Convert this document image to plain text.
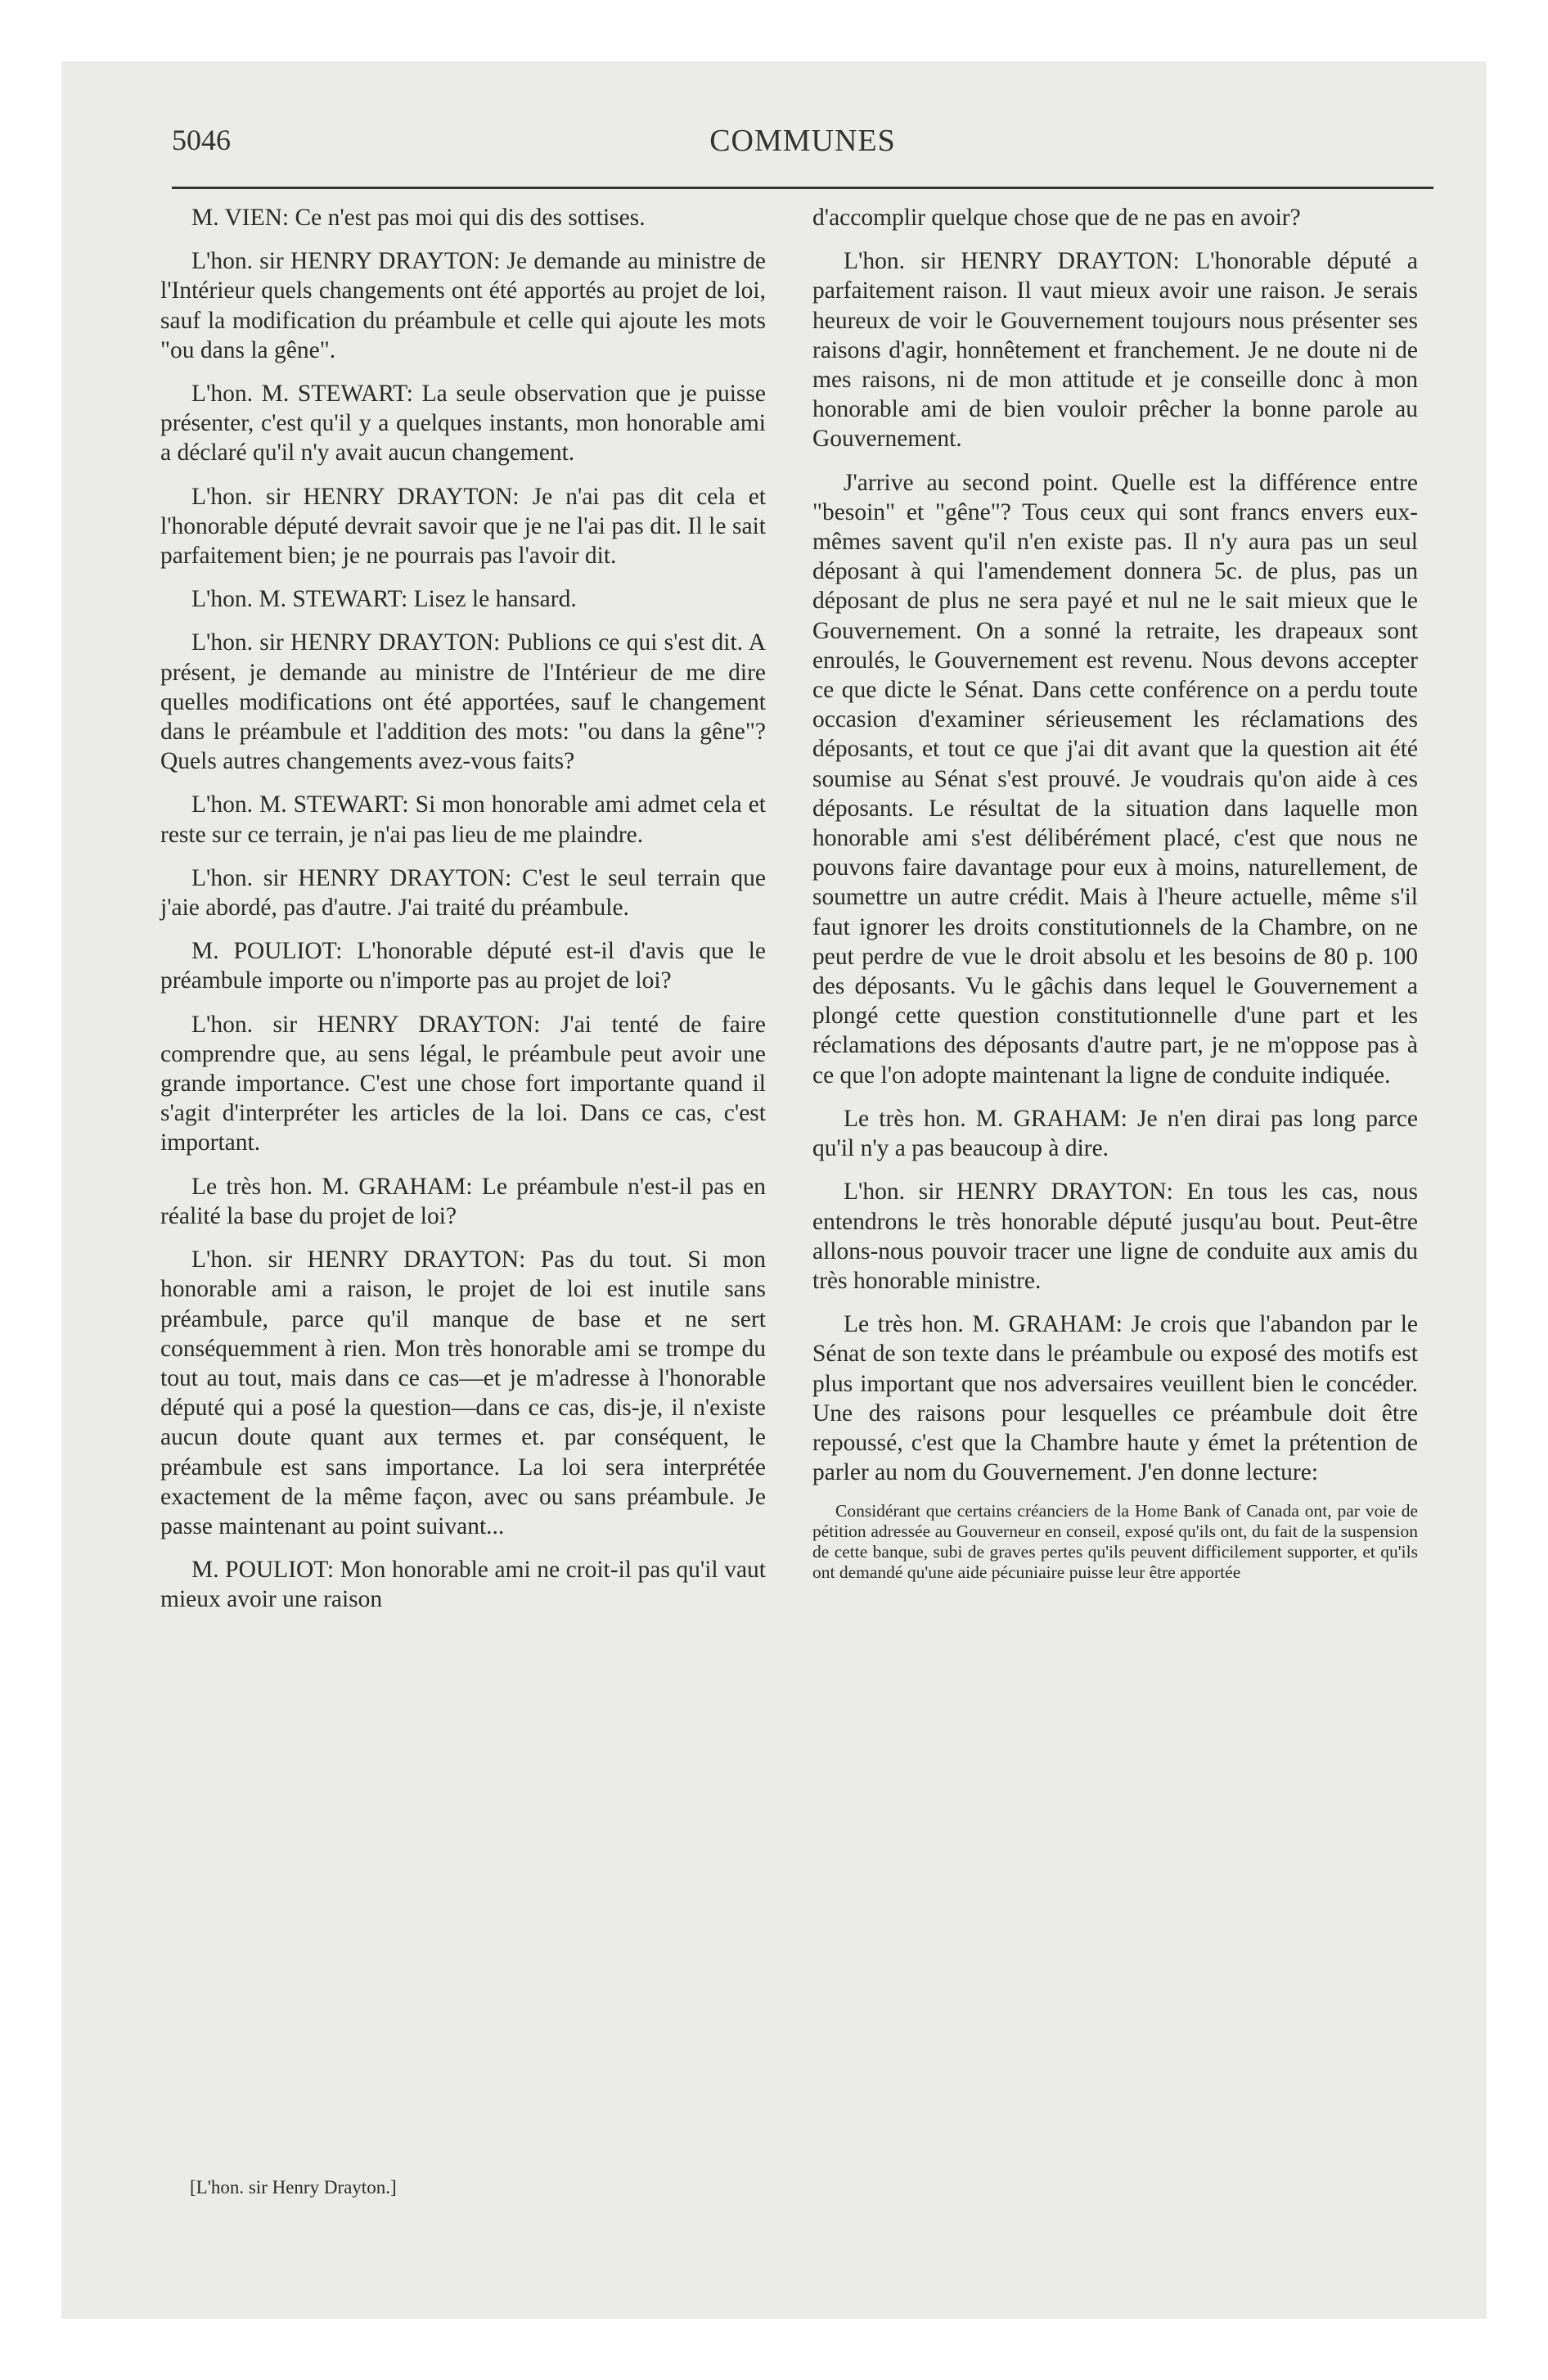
5046	COMMUNES

M. VIEN: Ce n'est pas moi qui dis des sottises.

L'hon. sir HENRY DRAYTON: Je demande au ministre de l'Intérieur quels changements ont été apportés au projet de loi, sauf la modification du préambule et celle qui ajoute les mots "ou dans la gêne".

L'hon. M. STEWART: La seule observation que je puisse présenter, c'est qu'il y a quelques instants, mon honorable ami a déclaré qu'il n'y avait aucun changement.

L'hon. sir HENRY DRAYTON: Je n'ai pas dit cela et l'honorable député devrait savoir que je ne l'ai pas dit. Il le sait parfaitement bien; je ne pourrais pas l'avoir dit.

L'hon. M. STEWART: Lisez le hansard.

L'hon. sir HENRY DRAYTON: Publions ce qui s'est dit. A présent, je demande au ministre de l'Intérieur de me dire quelles modifications ont été apportées, sauf le changement dans le préambule et l'addition des mots: "ou dans la gêne"? Quels autres changements avez-vous faits?

L'hon. M. STEWART: Si mon honorable ami admet cela et reste sur ce terrain, je n'ai pas lieu de me plaindre.

L'hon. sir HENRY DRAYTON: C'est le seul terrain que j'aie abordé, pas d'autre. J'ai traité du préambule.

M. POULIOT: L'honorable député est-il d'avis que le préambule importe ou n'importe pas au projet de loi?

L'hon. sir HENRY DRAYTON: J'ai tenté de faire comprendre que, au sens légal, le préambule peut avoir une grande importance. C'est une chose fort importante quand il s'agit d'interpréter les articles de la loi. Dans ce cas, c'est important.

Le très hon. M. GRAHAM: Le préambule n'est-il pas en réalité la base du projet de loi?

L'hon. sir HENRY DRAYTON: Pas du tout. Si mon honorable ami a raison, le projet de loi est inutile sans préambule, parce qu'il manque de base et ne sert conséquemment à rien. Mon très honorable ami se trompe du tout au tout, mais dans ce cas—et je m'adresse à l'honorable député qui a posé la question—dans ce cas, dis-je, il n'existe aucun doute quant aux termes et. par conséquent, le préambule est sans importance. La loi sera interprétée exactement de la même façon, avec ou sans préambule. Je passe maintenant au point suivant...

M. POULIOT: Mon honorable ami ne croit-il pas qu'il vaut mieux avoir une raison

d'accomplir quelque chose que de ne pas en avoir?

L'hon. sir HENRY DRAYTON: L'honorable député a parfaitement raison. Il vaut mieux avoir une raison. Je serais heureux de voir le Gouvernement toujours nous présenter ses raisons d'agir, honnêtement et franchement. Je ne doute ni de mes raisons, ni de mon attitude et je conseille donc à mon honorable ami de bien vouloir prêcher la bonne parole au Gouvernement.

J'arrive au second point. Quelle est la différence entre "besoin" et "gêne"? Tous ceux qui sont francs envers eux-mêmes savent qu'il n'en existe pas. Il n'y aura pas un seul déposant à qui l'amendement donnera 5c. de plus, pas un déposant de plus ne sera payé et nul ne le sait mieux que le Gouvernement. On a sonné la retraite, les drapeaux sont enroulés, le Gouvernement est revenu. Nous devons accepter ce que dicte le Sénat. Dans cette conférence on a perdu toute occasion d'examiner sérieusement les réclamations des déposants, et tout ce que j'ai dit avant que la question ait été soumise au Sénat s'est prouvé. Je voudrais qu'on aide à ces déposants. Le résultat de la situation dans laquelle mon honorable ami s'est délibérément placé, c'est que nous ne pouvons faire davantage pour eux à moins, naturellement, de soumettre un autre crédit. Mais à l'heure actuelle, même s'il faut ignorer les droits constitutionnels de la Chambre, on ne peut perdre de vue le droit absolu et les besoins de 80 p. 100 des déposants. Vu le gâchis dans lequel le Gouvernement a plongé cette question constitutionnelle d'une part et les réclamations des déposants d'autre part, je ne m'oppose pas à ce que l'on adopte maintenant la ligne de conduite indiquée.

Le très hon. M. GRAHAM: Je n'en dirai pas long parce qu'il n'y a pas beaucoup à dire.

L'hon. sir HENRY DRAYTON: En tous les cas, nous entendrons le très honorable député jusqu'au bout. Peut-être allons-nous pouvoir tracer une ligne de conduite aux amis du très honorable ministre.

Le très hon. M. GRAHAM: Je crois que l'abandon par le Sénat de son texte dans le préambule ou exposé des motifs est plus important que nos adversaires veuillent bien le concéder. Une des raisons pour lesquelles ce préambule doit être repoussé, c'est que la Chambre haute y émet la prétention de parler au nom du Gouvernement. J'en donne lecture:

Considérant que certains créanciers de la Home Bank of Canada ont, par voie de pétition adressée au Gouverneur en conseil, exposé qu'ils ont, du fait de la suspension de cette banque, subi de graves pertes qu'ils peuvent difficilement supporter, et qu'ils ont demandé qu'une aide pécuniaire puisse leur être apportée

[L'hon. sir Henry Drayton.]
